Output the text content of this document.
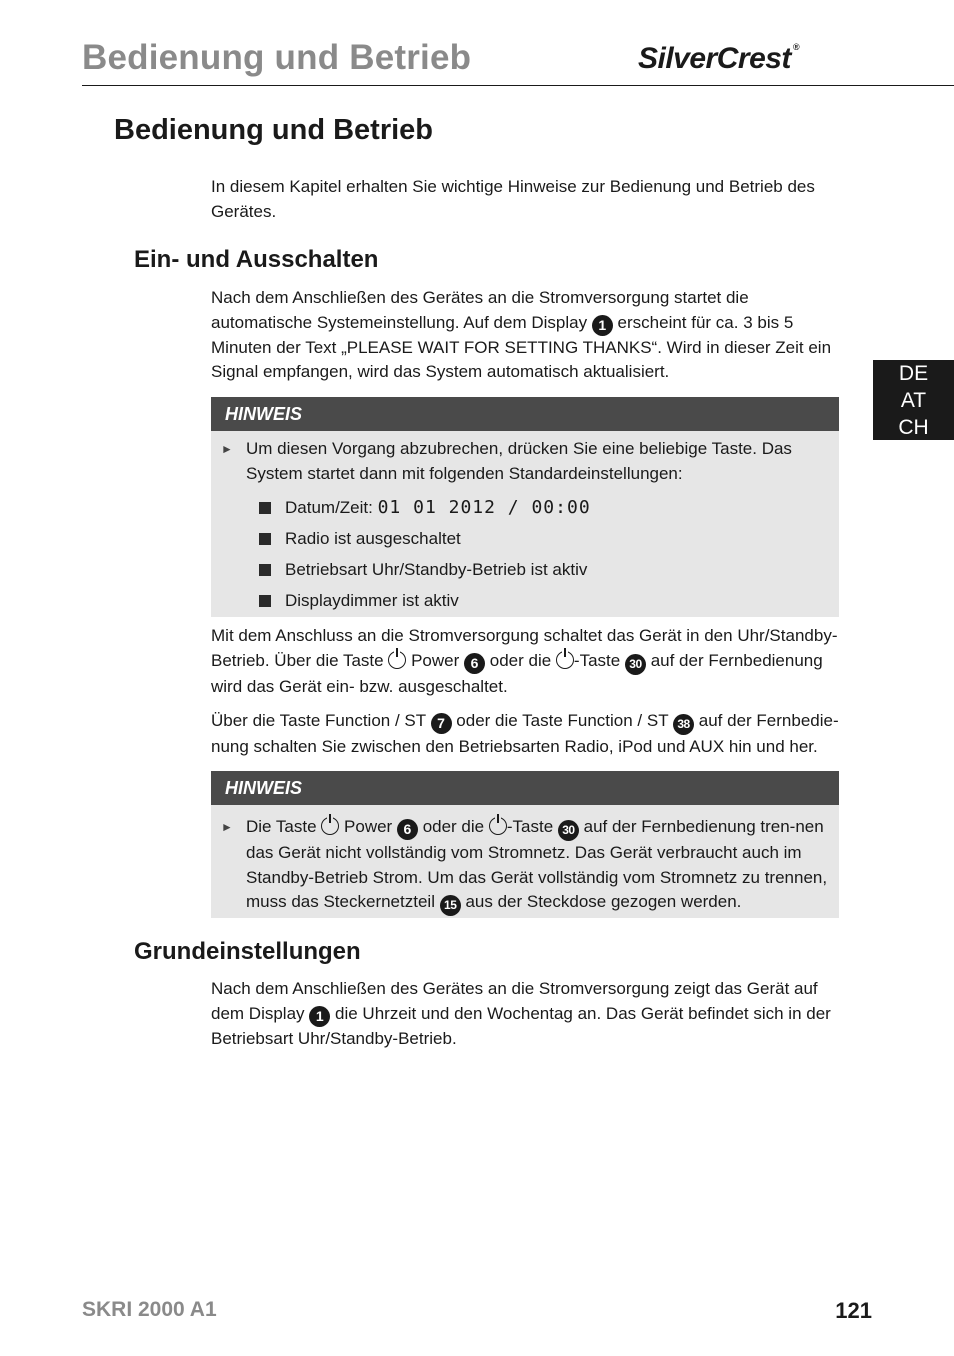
Bedienung und Betrieb	SilverCrest ®
DE
AT
CH
Bedienung und Betrieb

In diesem Kapitel erhalten Sie wichtige Hinweise zur Bedienung und Betrieb des Gerätes.

Ein- und Ausschalten

Nach dem Anschließen des Gerätes an die Stromversorgung startet die automatische Systemeinstellung. Auf dem Display 1 erscheint für ca. 3 bis 5 Minuten der Text „PLEASE WAIT FOR SETTING THANKS“. Wird in dieser Zeit ein Signal empfangen, wird das System automatisch aktualisiert.

HINWEIS
► Um diesen Vorgang abzubrechen, drücken Sie eine beliebige Taste. Das System startet dann mit folgenden Standardeinstellungen:
Datum/Zeit: 01 01 2012 / 00:00
Radio ist ausgeschaltet
Betriebsart Uhr/Standby-Betrieb ist aktiv
Displaydimmer ist aktiv

Mit dem Anschluss an die Stromversorgung schaltet das Gerät in den Uhr/Standby-Betrieb. Über die Taste Power 6 oder die -Taste 30 auf der Fernbedienung wird das Gerät ein- bzw. ausgeschaltet.

Über die Taste Function / ST 7 oder die Taste Function / ST 38 auf der Fernbedie-nung schalten Sie zwischen den Betriebsarten Radio, iPod und AUX hin und her.

HINWEIS
► Die Taste Power 6 oder die -Taste 30 auf der Fernbedienung tren-nen das Gerät nicht vollständig vom Stromnetz. Das Gerät verbraucht auch im Standby-Betrieb Strom. Um das Gerät vollständig vom Stromnetz zu trennen, muss das Steckernetzteil 15 aus der Steckdose gezogen werden.
Grundeinstellungen

Nach dem Anschließen des Gerätes an die Stromversorgung zeigt das Gerät auf dem Display 1 die Uhrzeit und den Wochentag an. Das Gerät befindet sich in der Betriebsart Uhr/Standby-Betrieb.

SKRI 2000 A1	121
